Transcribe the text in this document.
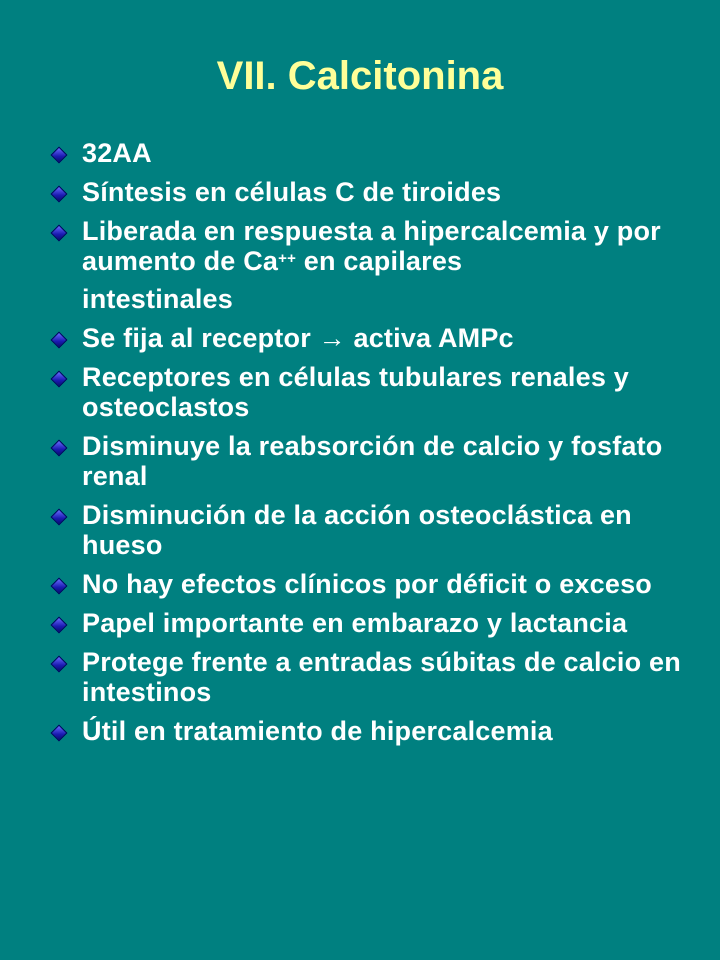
VII. Calcitonina
32AA
Síntesis en células C de tiroides
Liberada en respuesta a hipercalcemia y por aumento de Ca++ en capilares
intestinales
Se fija al receptor → activa AMPc
Receptores en células tubulares renales y osteoclastos
Disminuye la reabsorción de calcio y fosfato renal
Disminución de la acción osteoclástica en hueso
No hay efectos clínicos por déficit o exceso
Papel importante en embarazo y lactancia
Protege frente a entradas súbitas de calcio en intestinos
Útil en tratamiento de hipercalcemia
